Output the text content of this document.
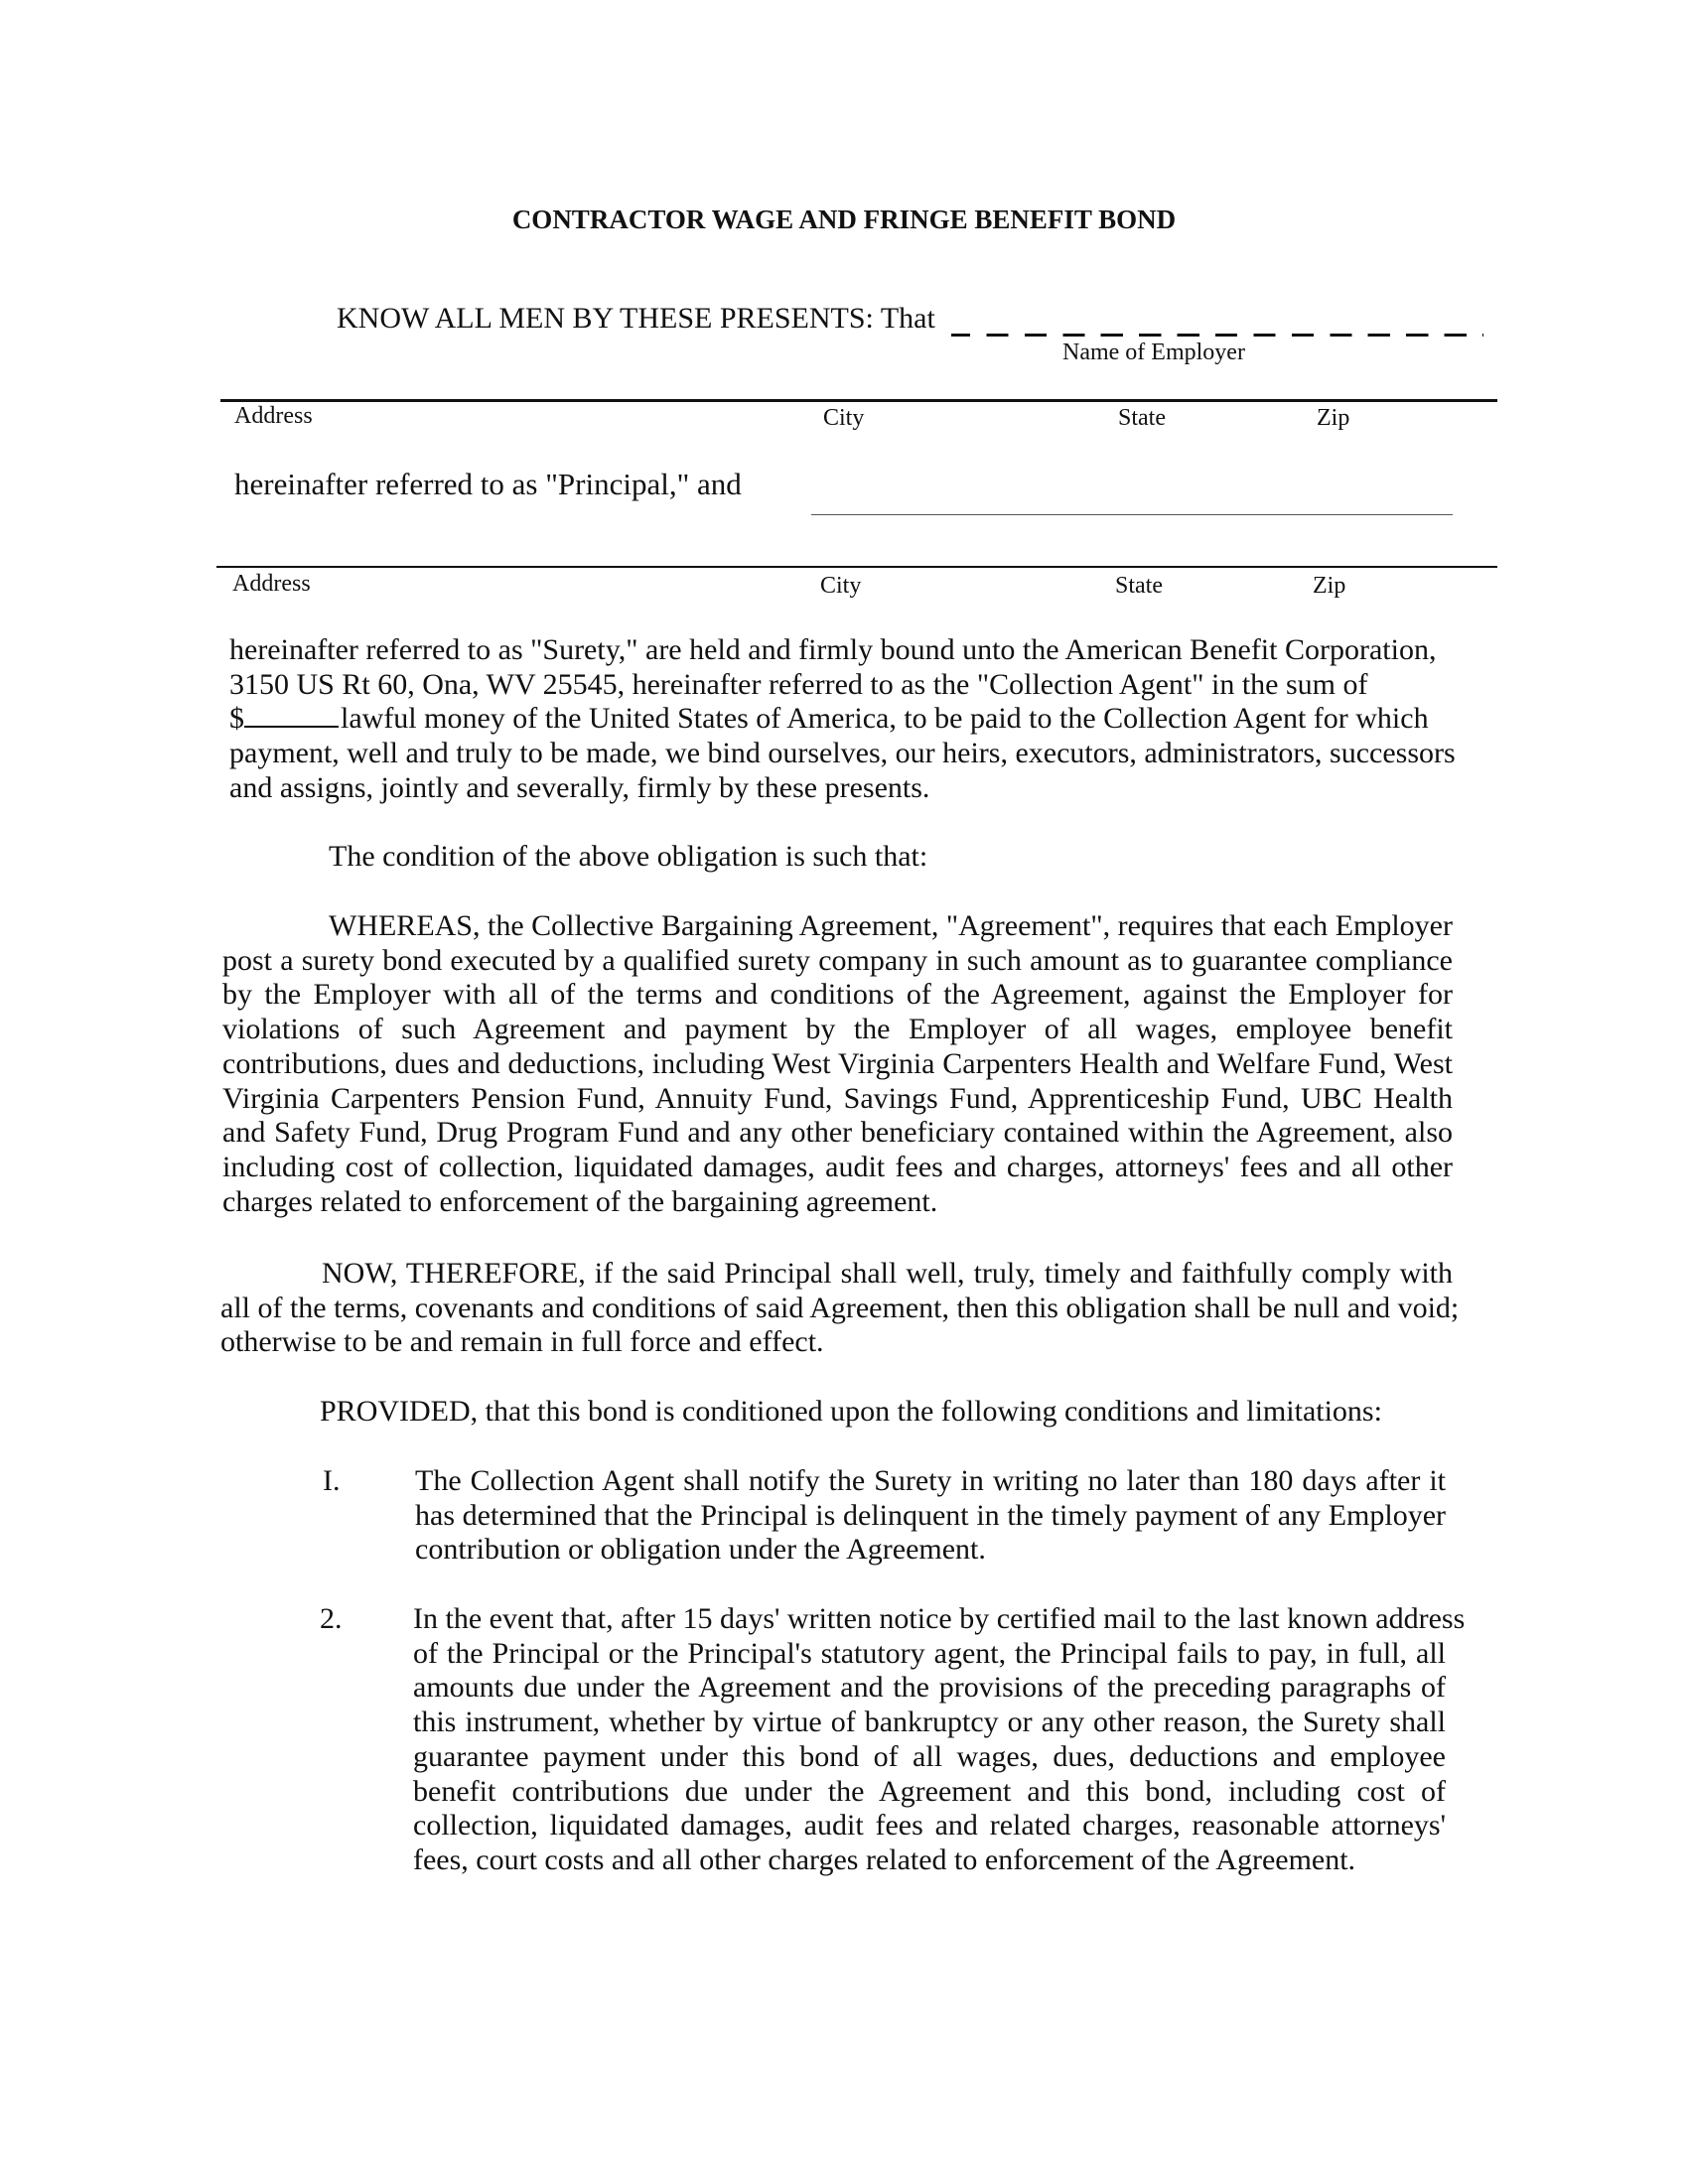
CONTRACTOR WAGE AND FRINGE BENEFIT BOND
KNOW ALL MEN BY THESE PRESENTS: That
Name of Employer
Address	City	State	Zip
hereinafter referred to as "Principal," and
Address	City	State	Zip
hereinafter referred to as "Surety," are held and firmly bound unto the American Benefit Corporation,
3150 US Rt 60, Ona, WV 25545, hereinafter referred to as the "Collection Agent" in the sum of
$	lawful money of the United States of America, to be paid to the Collection Agent for which
payment, well and truly to be made, we bind ourselves, our heirs, executors, administrators, successors
and assigns, jointly and severally, firmly by these presents.
The condition of the above obligation is such that:
WHEREAS, the Collective Bargaining Agreement, "Agreement", requires that each Employer
post a surety bond executed by a qualified surety company in such amount as to guarantee compliance
by the Employer with all of the terms and conditions of the Agreement, against the Employer for
violations of such Agreement and payment by the Employer of all wages, employee benefit
contributions, dues and deductions, including West Virginia Carpenters Health and Welfare Fund, West
Virginia Carpenters Pension Fund, Annuity Fund, Savings Fund, Apprenticeship Fund, UBC Health
and Safety Fund, Drug Program Fund and any other beneficiary contained within the Agreement, also
including cost of collection, liquidated damages, audit fees and charges, attorneys' fees and all other
charges related to enforcement of the bargaining agreement.
NOW, THEREFORE, if the said Principal shall well, truly, timely and faithfully comply with
all of the terms, covenants and conditions of said Agreement, then this obligation shall be null and void;
otherwise to be and remain in full force and effect.
PROVIDED, that this bond is conditioned upon the following conditions and limitations:
I.	The Collection Agent shall notify the Surety in writing no later than 180 days after it
has determined that the Principal is delinquent in the timely payment of any Employer
contribution or obligation under the Agreement.
2. In the event that, after 15 days' written notice by certified mail to the last known address
of the Principal or the Principal's statutory agent, the Principal fails to pay, in full, all
amounts due under the Agreement and the provisions of the preceding paragraphs of
this instrument, whether by virtue of bankruptcy or any other reason, the Surety shall
guarantee payment under this bond of all wages, dues, deductions and employee
benefit contributions due under the Agreement and this bond, including cost of
collection, liquidated damages, audit fees and related charges, reasonable attorneys'
fees, court costs and all other charges related to enforcement of the Agreement.
